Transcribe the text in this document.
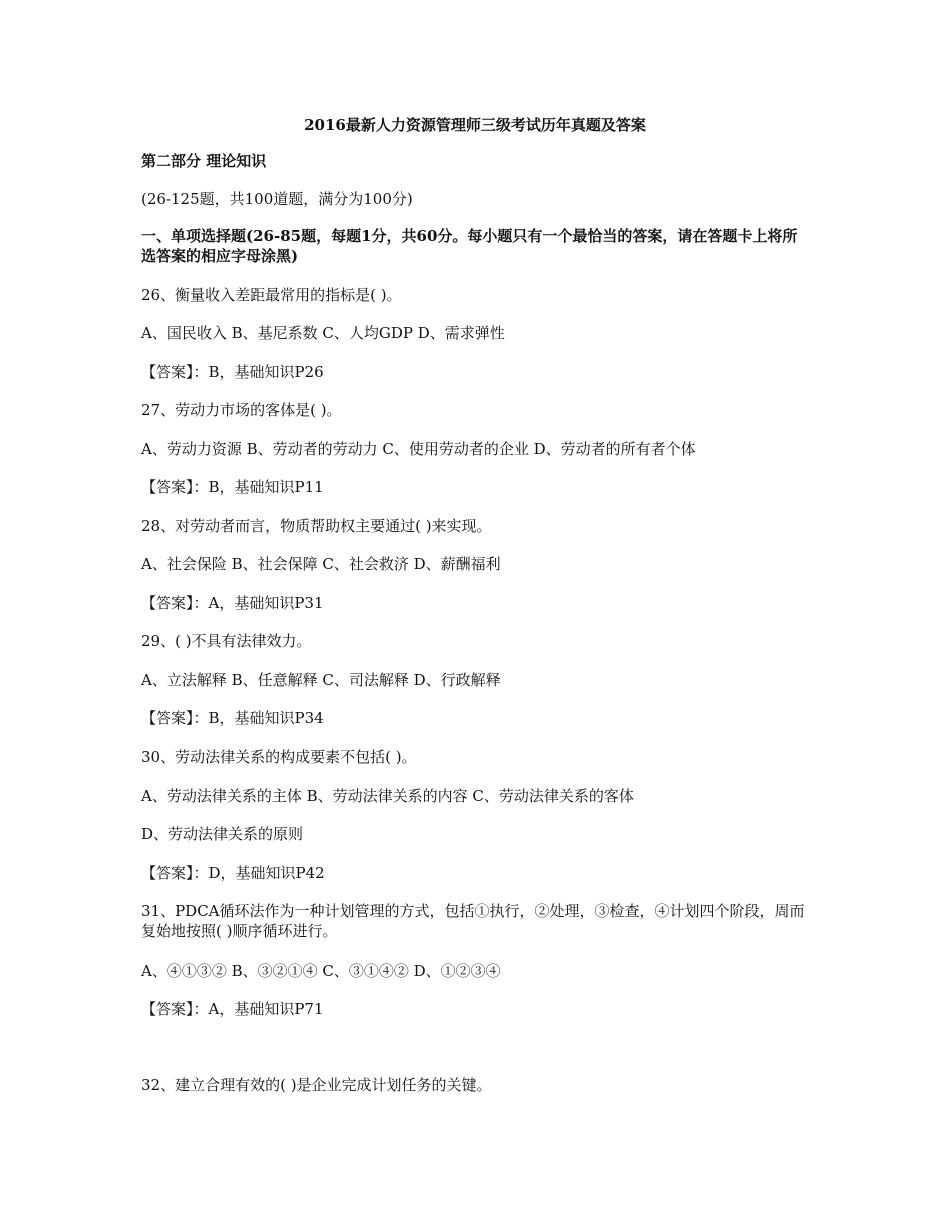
2016最新人力资源管理师三级考试历年真题及答案
第二部分 理论知识
(26-125题，共100道题，满分为100分)
一、单项选择题(26-85题，每题1分，共60分。每小题只有一个最恰当的答案，请在答题卡上将所选答案的相应字母涂黑)
26、衡量收入差距最常用的指标是( )。
A、国民收入 B、基尼系数 C、人均GDP D、需求弹性
【答案】：B，基础知识P26
27、劳动力市场的客体是( )。
A、劳动力资源 B、劳动者的劳动力 C、使用劳动者的企业 D、劳动者的所有者个体
【答案】：B，基础知识P11
28、对劳动者而言，物质帮助权主要通过( )来实现。
A、社会保险 B、社会保障 C、社会救济 D、薪酬福利
【答案】：A，基础知识P31
29、( )不具有法律效力。
A、立法解释 B、任意解释 C、司法解释 D、行政解释
【答案】：B，基础知识P34
30、劳动法律关系的构成要素不包括( )。
A、劳动法律关系的主体 B、劳动法律关系的内容 C、劳动法律关系的客体
D、劳动法律关系的原则
【答案】：D，基础知识P42
31、PDCA循环法作为一种计划管理的方式，包括①执行，②处理，③检查，④计划四个阶段，周而复始地按照( )顺序循环进行。
A、④①③② B、③②①④ C、③①④② D、①②③④
【答案】：A，基础知识P71
32、建立合理有效的( )是企业完成计划任务的关键。
